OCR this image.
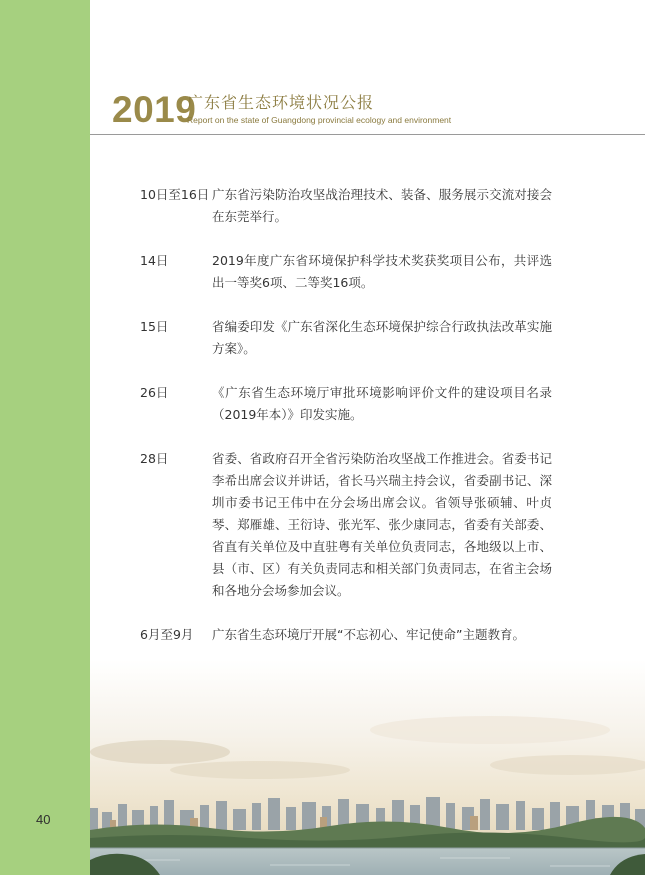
2019
广东省生态环境状况公报
Report on the state of Guangdong provincial ecology and environment
10日至16日 广东省污染防治攻坚战治理技术、装备、服务展示交流对接会在东莞举行。
14日	2019年度广东省环境保护科学技术奖获奖项目公布，共评选出一等奖6项、二等奖16项。
15日	省编委印发《广东省深化生态环境保护综合行政执法改革实施方案》。
26日	《广东省生态环境厅审批环境影响评价文件的建设项目名录（2019年本）》印发实施。
28日	省委、省政府召开全省污染防治攻坚战工作推进会。省委书记李希出席会议并讲话，省长马兴瑞主持会议，省委副书记、深圳市委书记王伟中在分会场出席会议。省领导张硕辅、叶贞琴、郑雁雄、王衍诗、张光军、张少康同志，省委有关部委、省直有关单位及中直驻粤有关单位负责同志，各地级以上市、县（市、区）有关负责同志和相关部门负责同志，在省主会场和各地分会场参加会议。
6月至9月	广东省生态环境厅开展“不忘初心、牢记使命”主题教育。
40
